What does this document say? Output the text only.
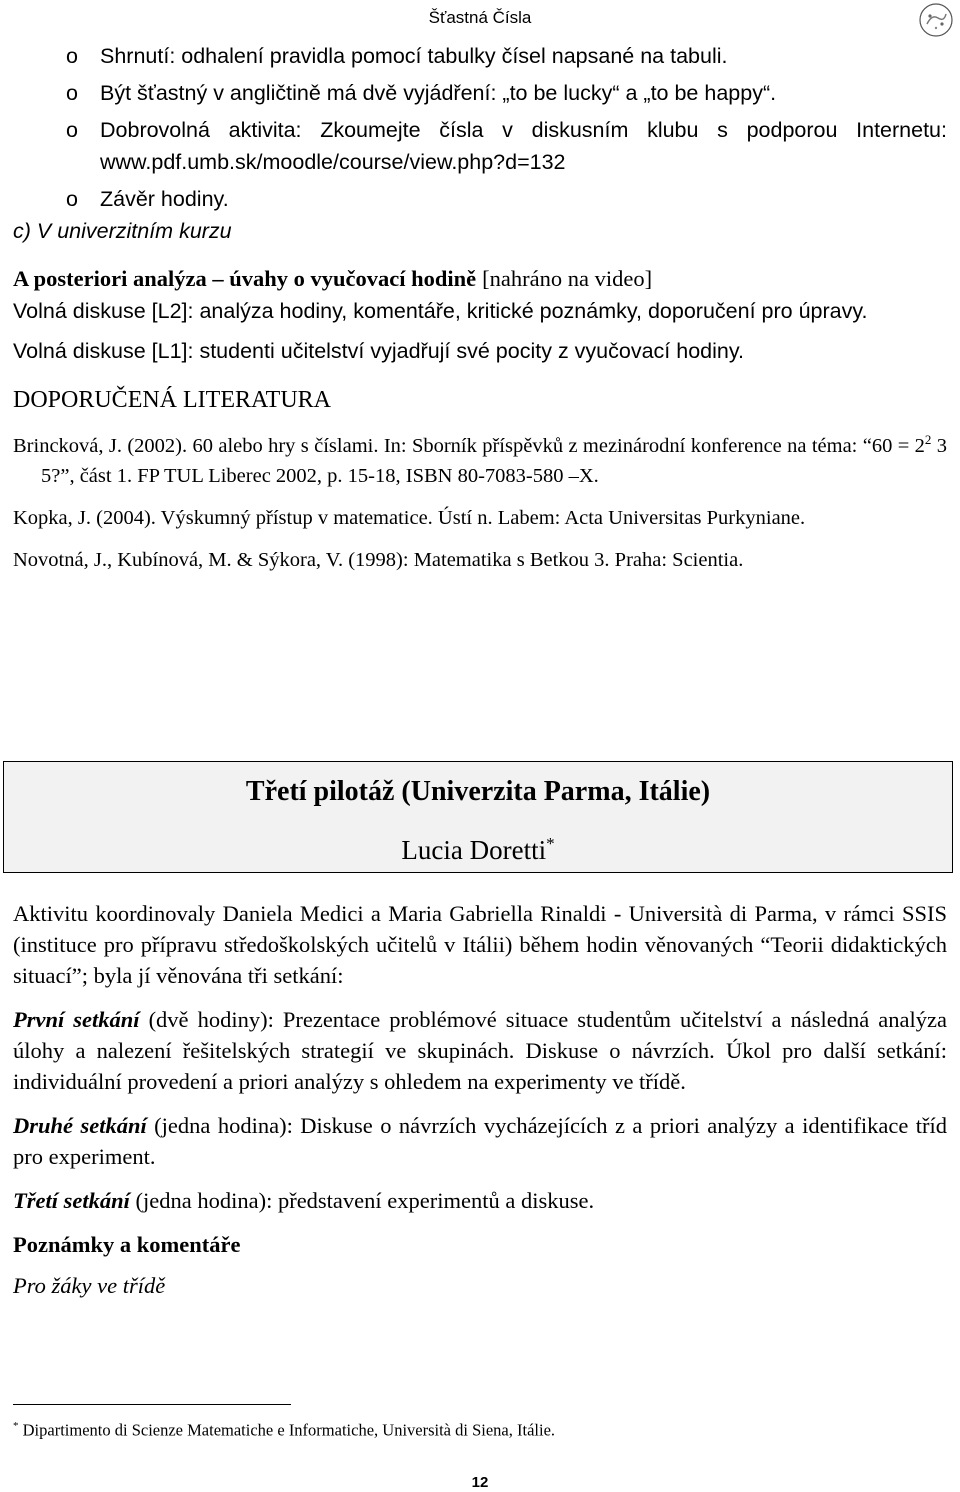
Šťastná Čísla
o Shrnutí: odhalení pravidla pomocí tabulky čísel napsané na tabuli.
o Být šťastný v angličtině má dvě vyjádření: „to be lucky“ a „to be happy“.
o Dobrovolná aktivita: Zkoumejte čísla v diskusním klubu s podporou Internetu: www.pdf.umb.sk/moodle/course/view.php?d=132
o Závěr hodiny.
c) V univerzitním kurzu
A posteriori analýza – úvahy o vyučovací hodině [nahráno na video]
Volná diskuse [L2]: analýza hodiny, komentáře, kritické poznámky, doporučení pro úpravy.
Volná diskuse [L1]: studenti učitelství vyjadřují své pocity z vyučovací hodiny.
DOPORUČENÁ LITERATURA
Brincková, J. (2002). 60 alebo hry s číslami. In: Sborník příspěvků z mezinárodní konference na téma: “$60 = 2^2$ 3 5?”, část 1. FP TUL Liberec 2002, p. 15-18, ISBN 80-7083-580 –X.
Kopka, J. (2004). Výskumný přístup v matematice. Ústí n. Labem: Acta Universitas Purkyniane.
Novotná, J., Kubínová, M. & Sýkora, V. (1998): Matematika s Betkou 3. Praha: Scientia.
Třetí pilotáž (Univerzita Parma, Itálie)
Lucia Doretti*
Aktivitu koordinovaly Daniela Medici a Maria Gabriella Rinaldi - Università di Parma, v rámci SSIS (instituce pro přípravu středoškolských učitelů v Itálii) během hodin věnovaných “Teorii didaktických situací”; byla jí věnována tři setkání:
První setkání (dvě hodiny): Prezentace problémové situace studentům učitelství a následná analýza úlohy a nalezení řešitelských strategií ve skupinách. Diskuse o návrzích. Úkol pro další setkání: individuální provedení a priori analýzy s ohledem na experimenty ve třídě.
Druhé setkání (jedna hodina): Diskuse o návrzích vycházejících z a priori analýzy a identifikace tříd pro experiment.
Třetí setkání (jedna hodina): představení experimentů a diskuse.
Poznámky a komentáře
Pro žáky ve třídě
* Dipartimento di Scienze Matematiche e Informatiche, Università di Siena, Itálie.
12
